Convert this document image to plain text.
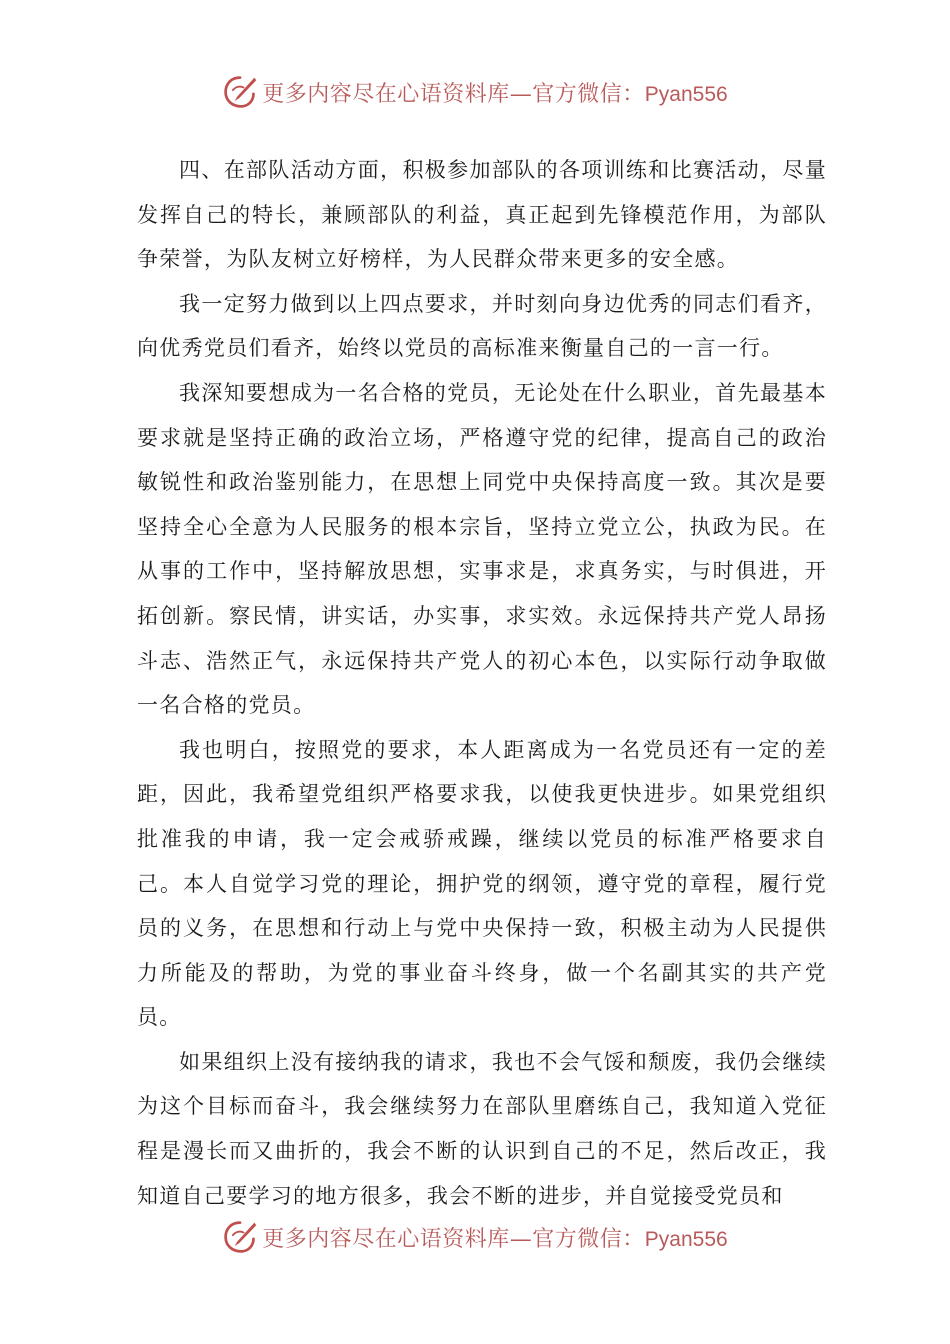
更多内容尽在心语资料库—官方微信：Pyan556

四、在部队活动方面，积极参加部队的各项训练和比赛活动，尽量发挥自己的特长，兼顾部队的利益，真正起到先锋模范作用，为部队争荣誉，为队友树立好榜样，为人民群众带来更多的安全感。

我一定努力做到以上四点要求，并时刻向身边优秀的同志们看齐，向优秀党员们看齐，始终以党员的高标准来衡量自己的一言一行。

我深知要想成为一名合格的党员，无论处在什么职业，首先最基本要求就是坚持正确的政治立场，严格遵守党的纪律，提高自己的政治敏锐性和政治鉴别能力，在思想上同党中央保持高度一致。其次是要坚持全心全意为人民服务的根本宗旨，坚持立党立公，执政为民。在从事的工作中，坚持解放思想，实事求是，求真务实，与时俱进，开拓创新。察民情，讲实话，办实事，求实效。永远保持共产党人昂扬斗志、浩然正气，永远保持共产党人的初心本色，以实际行动争取做一名合格的党员。

我也明白，按照党的要求，本人距离成为一名党员还有一定的差距，因此，我希望党组织严格要求我，以使我更快进步。如果党组织批准我的申请，我一定会戒骄戒躁，继续以党员的标准严格要求自己。本人自觉学习党的理论，拥护党的纲领，遵守党的章程，履行党员的义务，在思想和行动上与党中央保持一致，积极主动为人民提供力所能及的帮助，为党的事业奋斗终身，做一个名副其实的共产党员。

如果组织上没有接纳我的请求，我也不会气馁和颓废，我仍会继续为这个目标而奋斗，我会继续努力在部队里磨练自己，我知道入党征程是漫长而又曲折的，我会不断的认识到自己的不足，然后改正，我知道自己要学习的地方很多，我会不断的进步，并自觉接受党员和

更多内容尽在心语资料库—官方微信：Pyan556
